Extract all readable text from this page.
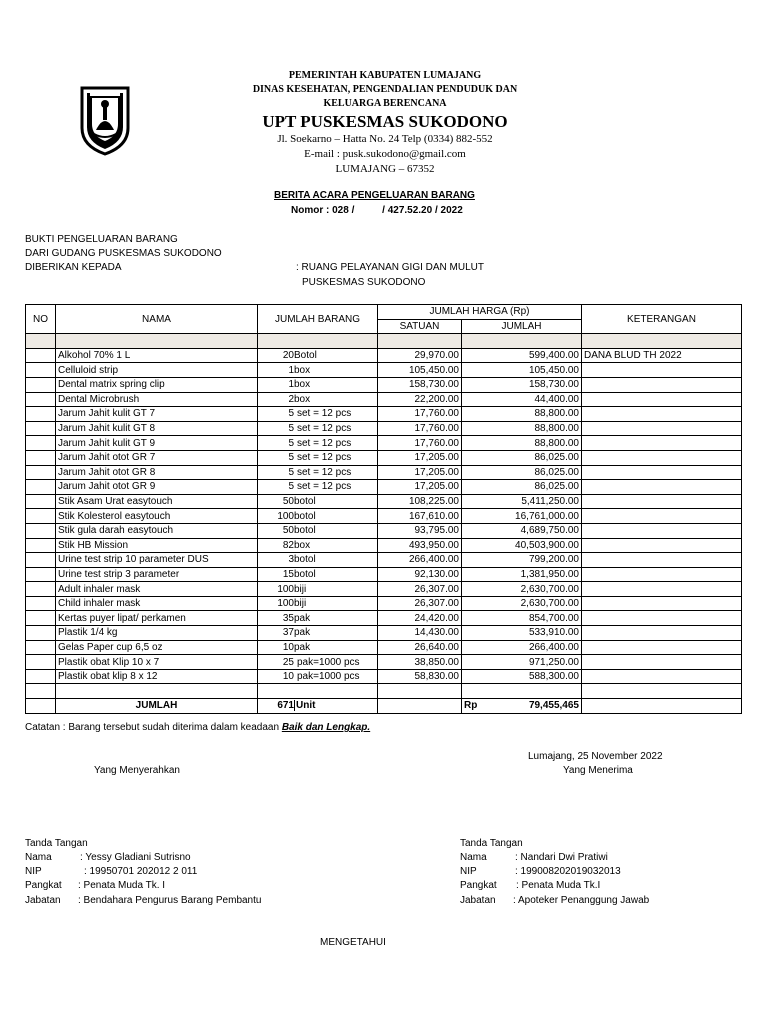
PEMERINTAH KABUPATEN LUMAJANG
DINAS KESEHATAN, PENGENDALIAN PENDUDUK DAN
KELUARGA BERENCANA
UPT PUSKESMAS SUKODONO
Jl. Soekarno – Hatta No. 24 Telp (0334) 882-552
E-mail : pusk.sukodono@gmail.com
LUMAJANG – 67352
BERITA ACARA PENGELUARAN BARANG
Nomor : 028 /          / 427.52.20 / 2022
BUKTI PENGELUARAN BARANG
DARI GUDANG PUSKESMAS SUKODONO
DIBERIKAN KEPADA	: RUANG PELAYANAN GIGI DAN MULUT
PUSKESMAS SUKODONO
NO	NAMA	JUMLAH BARANG	JUMLAH HARGA (Rp)		KETERANGAN
			SATUAN	JUMLAH	

	Alkohol 70% 1 L	20Botol	29,970.00	599,400.00	DANA BLUD TH 2022
	Celluloid strip	1box	105,450.00	105,450.00	
	Dental matrix spring clip	1box	158,730.00	158,730.00	
	Dental Microbrush	2box	22,200.00	44,400.00	
	Jarum Jahit kulit GT 7	5 set = 12 pcs	17,760.00	88,800.00	
	Jarum Jahit kulit GT 8	5 set = 12 pcs	17,760.00	88,800.00	
	Jarum Jahit kulit GT 9	5 set = 12 pcs	17,760.00	88,800.00	
	Jarum Jahit otot GR 7	5 set = 12 pcs	17,205.00	86,025.00	
	Jarum Jahit otot GR 8	5 set = 12 pcs	17,205.00	86,025.00	
	Jarum Jahit otot GR 9	5 set = 12 pcs	17,205.00	86,025.00	
	Stik Asam Urat easytouch	50botol	108,225.00	5,411,250.00	
	Stik Kolesterol easytouch	100botol	167,610.00	16,761,000.00	
	Stik gula darah easytouch	50botol	93,795.00	4,689,750.00	
	Stik HB Mission	82box	493,950.00	40,503,900.00	
	Urine test strip 10 parameter DUS	3botol	266,400.00	799,200.00	
	Urine test strip 3 parameter	15botol	92,130.00	1,381,950.00	
	Adult inhaler mask	100biji	26,307.00	2,630,700.00	
	Child inhaler mask	100biji	26,307.00	2,630,700.00	
	Kertas puyer lipat/ perkamen	35pak	24,420.00	854,700.00	
	Plastik 1/4 kg	37pak	14,430.00	533,910.00	
	Gelas Paper cup 6,5 oz	10pak	26,640.00	266,400.00	
	Plastik obat Klip 10 x 7	25 pak=1000 pcs	38,850.00	971,250.00	
	Plastik obat klip 8 x 12	10 pak=1000 pcs	58,830.00	588,300.00	

	JUMLAH	671 Unit		Rp 79,455,465	

Catatan : Barang tersebut sudah diterima dalam keadaan Baik dan Lengkap.
Lumajang, 25 November 2022
Yang Menyerahkan	Yang Menerima
Tanda Tangan
Nama	: Yessy Gladiani Sutrisno
NIP	: 19950701 202012 2 011
Pangkat : Penata Muda Tk. I
Jabatan : Bendahara Pengurus Barang Pembantu
Tanda Tangan
Nama	: Nandari Dwi Pratiwi
NIP	: 199008202019032013
Pangkat : Penata Muda Tk.I
Jabatan : Apoteker Penanggung Jawab
MENGETAHUI
